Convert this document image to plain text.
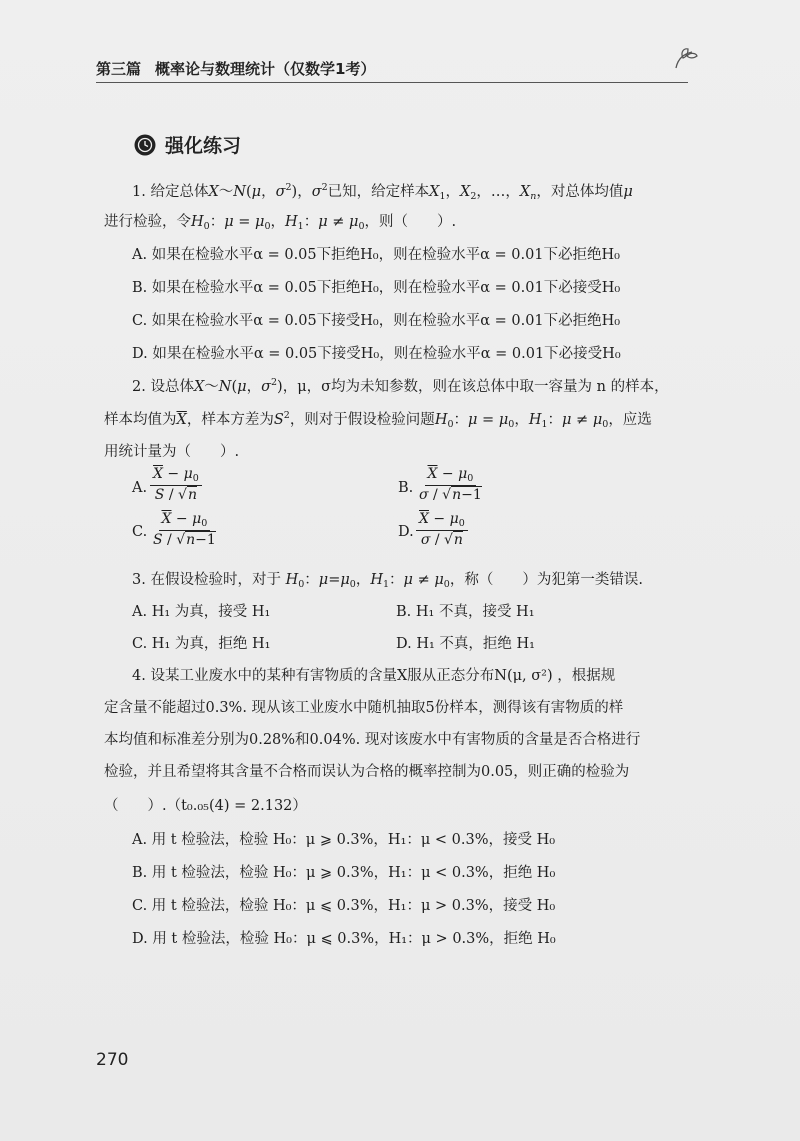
第三篇 概率论与数理统计（仅数学1考）
强化练习
1. 给定总体X～N(μ，$\sigma^2$)，$\sigma^2$已知，给定样本$X_1$，$X_2$，…，$X_n$，对总体均值μ
进行检验，令$H_0$：$\mu = \mu_0$，$H_1$：$\mu \ne \mu_0$，则（　　）.
A. 如果在检验水平α = 0.05下拒绝H₀，则在检验水平α = 0.01下必拒绝H₀
B. 如果在检验水平α = 0.05下拒绝H₀，则在检验水平α = 0.01下必接受H₀
C. 如果在检验水平α = 0.05下接受H₀，则在检验水平α = 0.01下必拒绝H₀
D. 如果在检验水平α = 0.05下接受H₀，则在检验水平α = 0.01下必接受H₀
2. 设总体X～N(μ，$\sigma^2$)，μ，σ均为未知参数，则在该总体中取一容量为 n 的样本，
样本均值为$\overline{X}$，样本方差为$S^2$，则对于假设检验问题$H_0$：$\mu = \mu_0$，$H_1$：$\mu \ne \mu_0$，应选
用统计量为（　　）.
A. $\frac{\overline{X} - \mu_0}{S / √n}$	B. $\frac{\overline{X} - \mu_0}{\sigma / √n-1}$
C. $\frac{\overline{X} - \mu_0}{S / √n-1}$	D. $\frac{\overline{X} - \mu_0}{\sigma / √n}$
3. 在假设检验时，对于 $H_0$：$\mu=\mu_0$，$H_1$：$\mu \ne \mu_0$，称（　　）为犯第一类错误.
A. H₁ 为真，接受 H₁	B. H₁ 不真，接受 H₁
C. H₁ 为真，拒绝 H₁	D. H₁ 不真，拒绝 H₁
4. 设某工业废水中的某种有害物质的含量X服从正态分布N(μ, σ²) ，根据规
定含量不能超过0.3%. 现从该工业废水中随机抽取5份样本，测得该有害物质的样
本均值和标准差分别为0.28%和0.04%. 现对该废水中有害物质的含量是否合格进行
检验，并且希望将其含量不合格而误认为合格的概率控制为0.05，则正确的检验为
（　　）.（t₀.₀₅(4) = 2.132）
A. 用 t 检验法，检验 H₀：μ ⩾ 0.3%，H₁：μ < 0.3%，接受 H₀
B. 用 t 检验法，检验 H₀：μ ⩾ 0.3%，H₁：μ < 0.3%，拒绝 H₀
C. 用 t 检验法，检验 H₀：μ ⩽ 0.3%，H₁：μ > 0.3%，接受 H₀
D. 用 t 检验法，检验 H₀：μ ⩽ 0.3%，H₁：μ > 0.3%，拒绝 H₀
270
